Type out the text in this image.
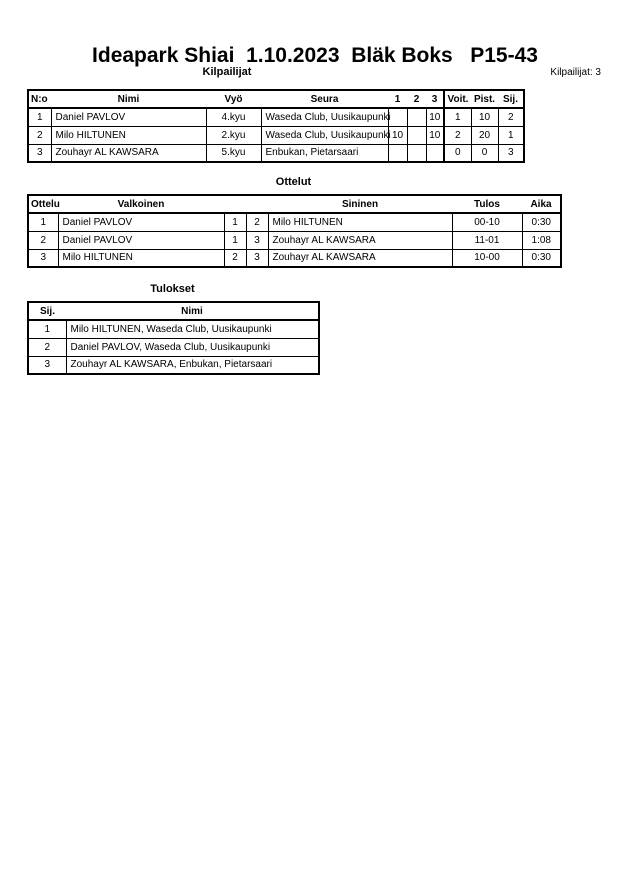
Ideapark Shiai  1.10.2023  Bläk Boks   P15-43
Kilpailijat	Kilpailijat: 3
N:o	Nimi	Vyö	Seura	1	2	3	Voit.	Pist.	Sij.
1	Daniel PAVLOV	4.kyu	Waseda Club, Uusikaupunki			10	1	10	2
2	Milo HILTUNEN	2.kyu	Waseda Club, Uusikaupunki	10		10	2	20	1
3	Zouhayr AL KAWSARA	5.kyu	Enbukan, Pietarsaari				0	0	3
Ottelut
Ottelu	Valkoinen			Sininen	Tulos	Aika
1	Daniel PAVLOV	1	2	Milo HILTUNEN	00-10	0:30
2	Daniel PAVLOV	1	3	Zouhayr AL KAWSARA	11-01	1:08
3	Milo HILTUNEN	2	3	Zouhayr AL KAWSARA	10-00	0:30
Tulokset
Sij.	Nimi
1	Milo HILTUNEN, Waseda Club, Uusikaupunki
2	Daniel PAVLOV, Waseda Club, Uusikaupunki
3	Zouhayr AL KAWSARA, Enbukan, Pietarsaari
